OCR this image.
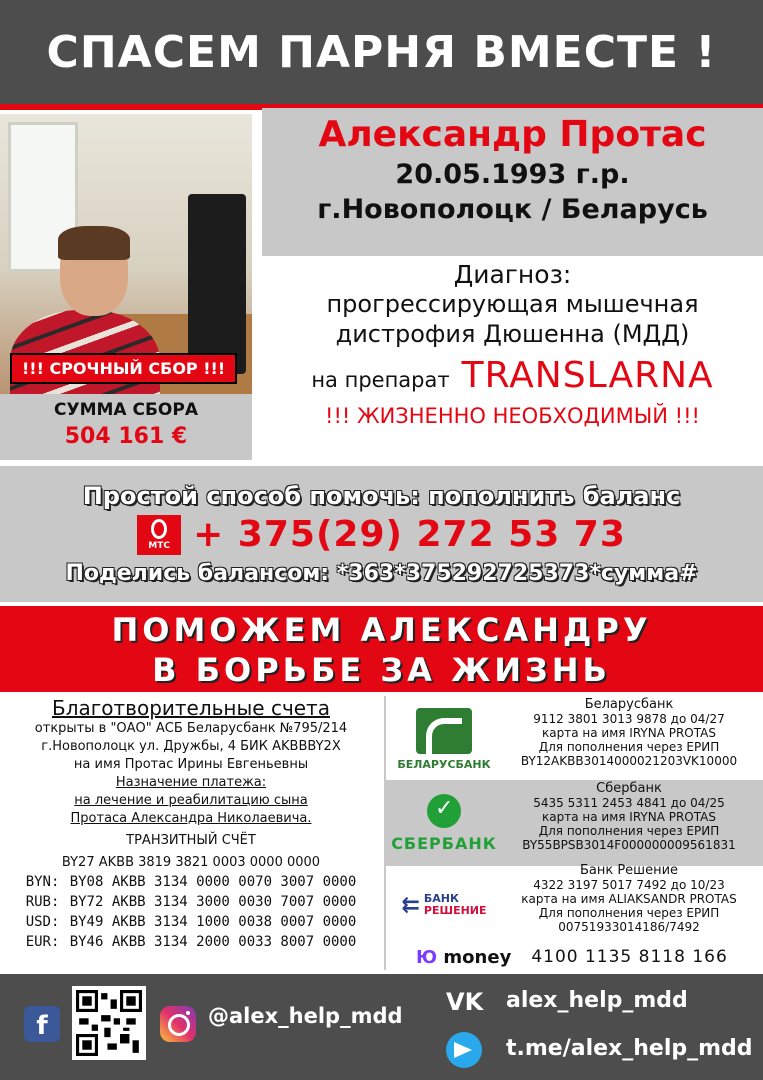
СПАСЕМ ПАРНЯ ВМЕСТЕ !
!!! СРОЧНЫЙ СБОР !!!
СУММА СБОРА
504 161 €
Александр Протас
20.05.1993 г.р.
г.Новополоцк / Беларусь
Диагноз:
прогрессирующая мышечная
дистрофия Дюшенна (МДД)
на препарат TRANSLARNA
!!! ЖИЗНЕННО НЕОБХОДИМЫЙ !!!
Простой способ помочь: пополнить баланс
МТС + 375(29) 272 53 73
Поделись балансом: *363*375292725373*сумма#
ПОМОЖЕМ АЛЕКСАНДРУ
В БОРЬБЕ ЗА ЖИЗНЬ
Благотворительные счета
открыты в "ОАО" АСБ Беларусбанк №795/214
г.Новополоцк ул. Дружбы, 4 БИК AKBBBY2X
на имя Протас Ирины Евгеньевны
Назначение платежа:
на лечение и реабилитацию сына
Протаса Александра Николаевича.
ТРАНЗИТНЫЙ СЧЁТ
BY27 AKBB 3819 3821 0003 0000 0000
BYN: BY08 AKBB 3134 0000 0070 3007 0000
RUB: BY72 AKBB 3134 3000 0030 7007 0000
USD: BY49 AKBB 3134 1000 0038 0007 0000
EUR: BY46 AKBB 3134 2000 0033 8007 0000
БЕЛАРУСБАНК
Беларусбанк
9112 3801 3013 9878 до 04/27
карта на имя IRYNA PROTAS
Для пополнения через ЕРИП
BY12AKBB3014000021203VK10000
✓
СБЕРБАНК
Сбербанк
5435 5311 2453 4841 до 04/25
карта на имя IRYNA PROTAS
Для пополнения через ЕРИП
BY55BPSB3014F000000009561831
⇇ БАНК
РЕШЕНИЕ
Банк Решение
4322 3197 5017 7492 до 10/23
карта на имя ALIAKSANDR PROTAS
Для пополнения через ЕРИП
00751933014186/7492
Ю money 4100 1135 8118 166
f	@alex_help_mdd VK alex_help_mdd
t.me/alex_help_mdd
